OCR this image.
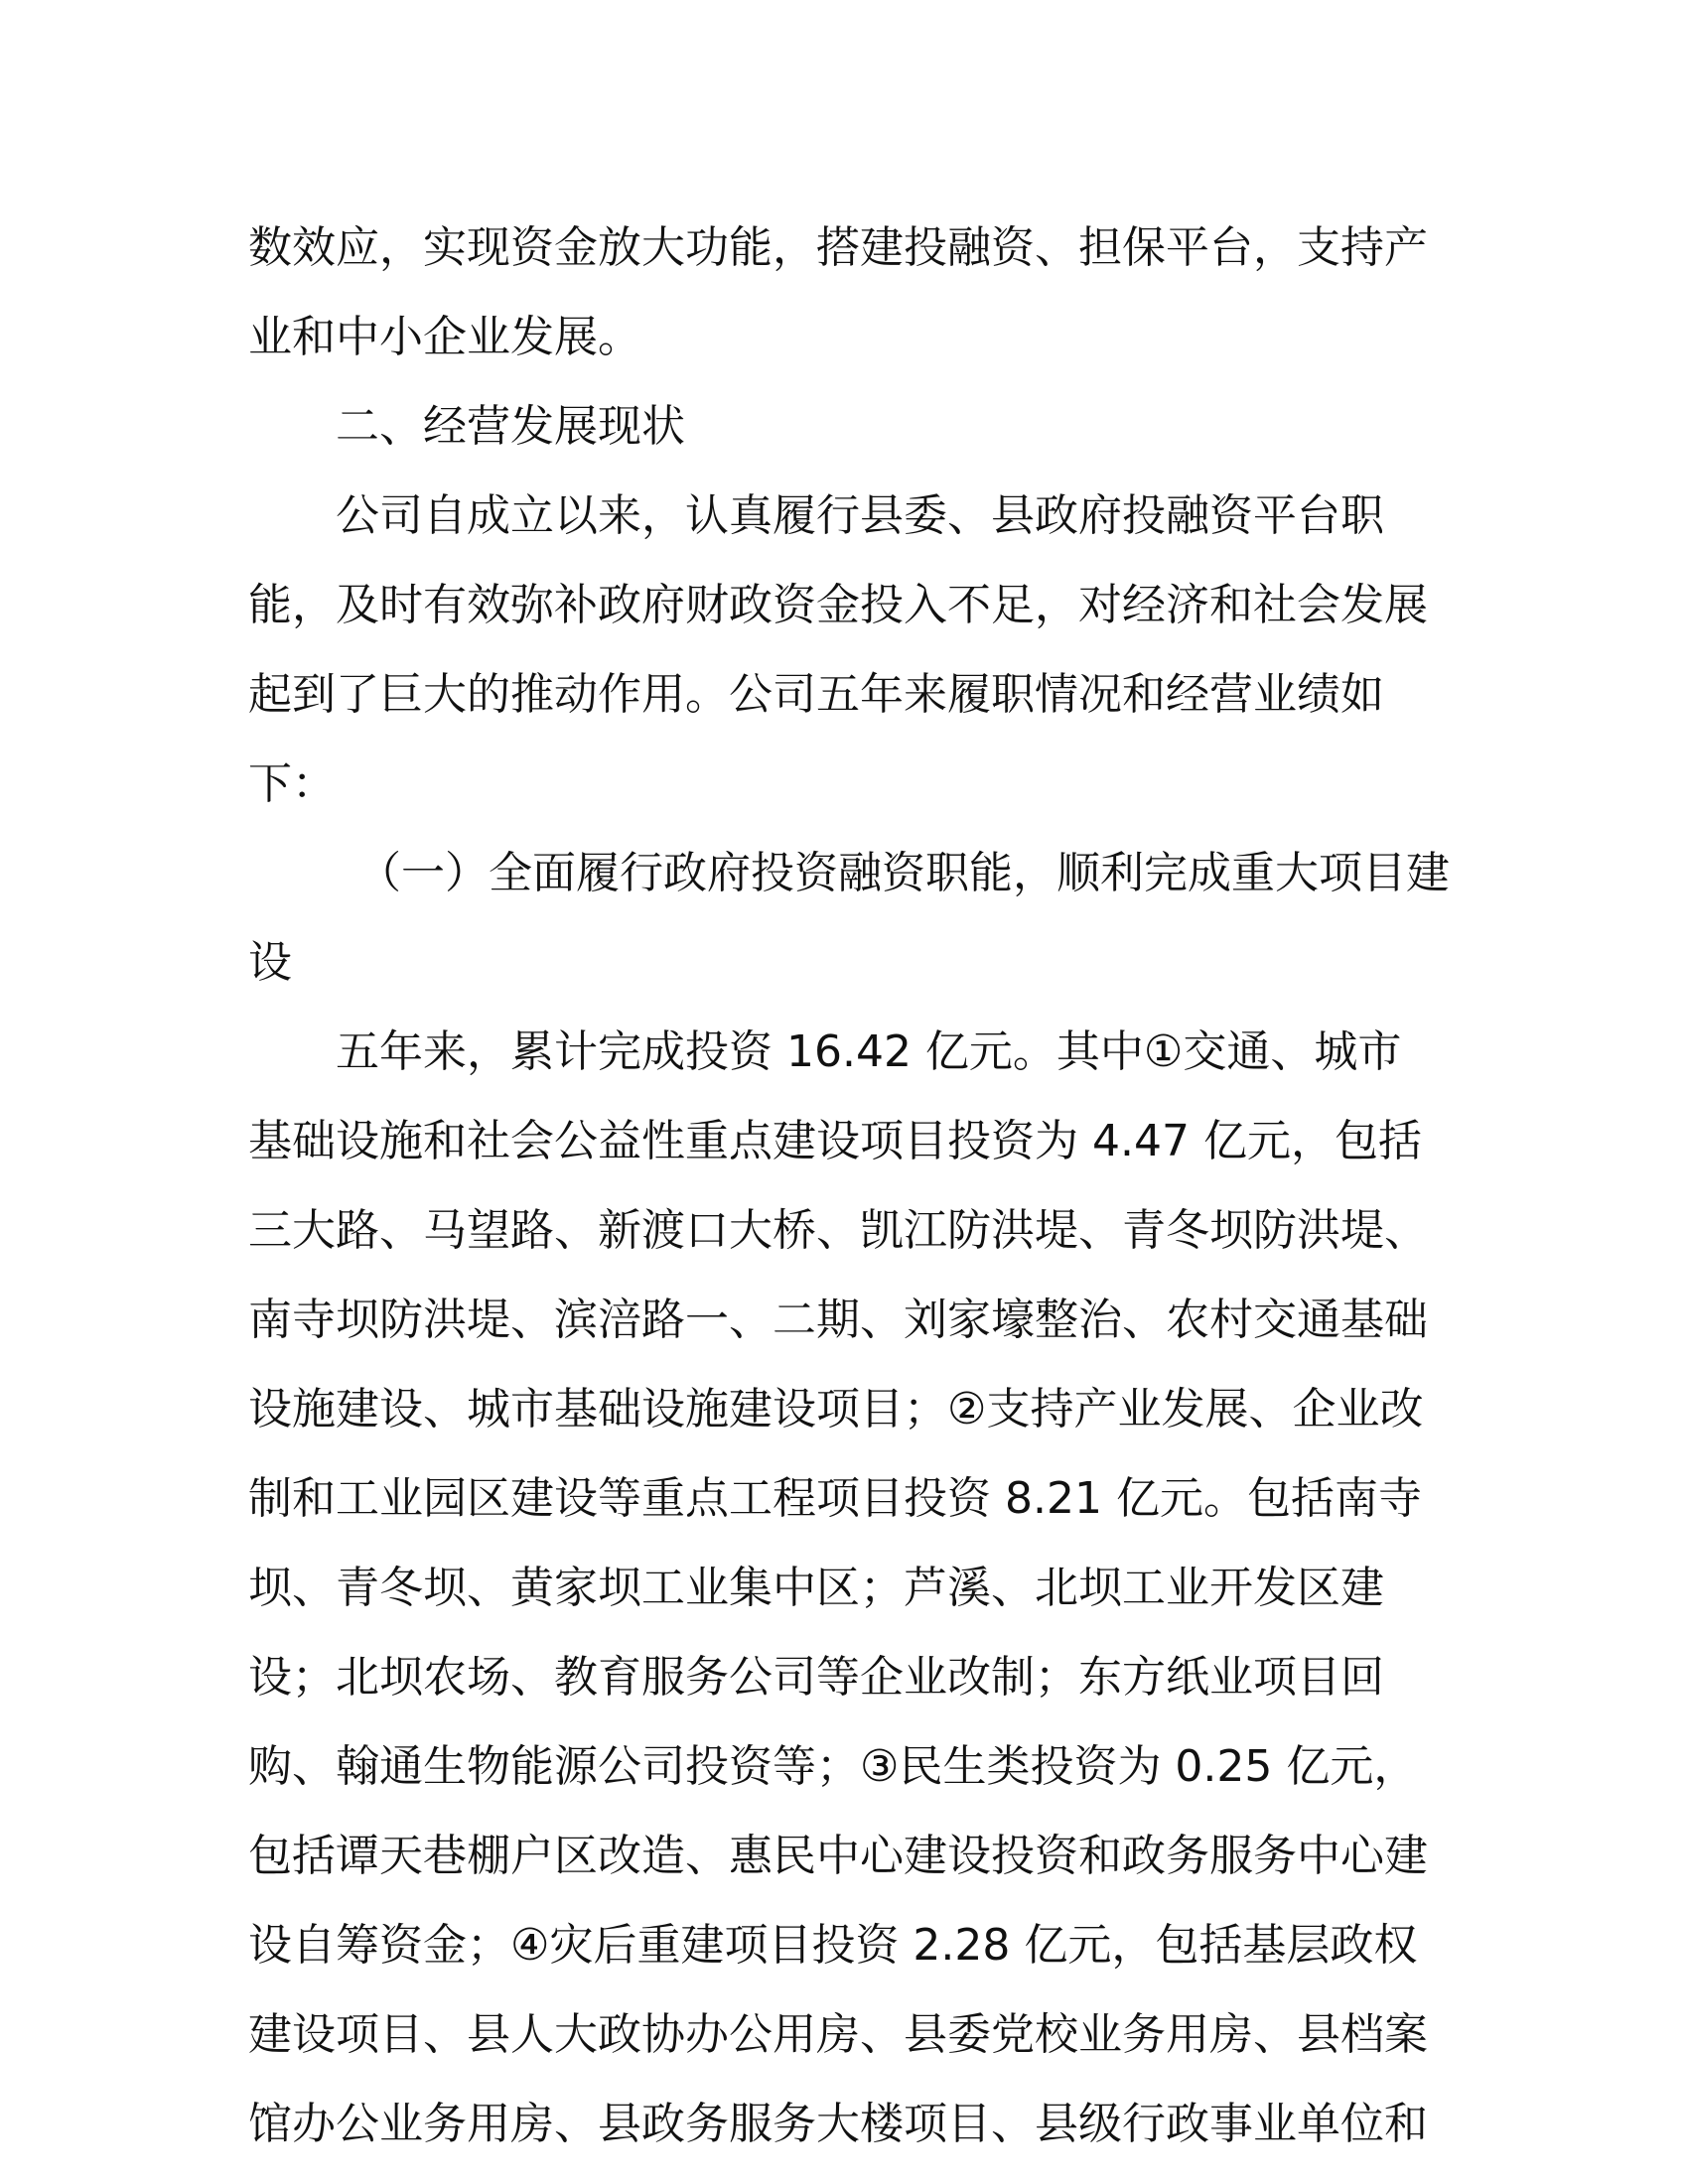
数效应，实现资金放大功能，搭建投融资、担保平台，支持产
业和中小企业发展。
二、经营发展现状
公司自成立以来，认真履行县委、县政府投融资平台职
能，及时有效弥补政府财政资金投入不足，对经济和社会发展
起到了巨大的推动作用。公司五年来履职情况和经营业绩如
下：
（一）全面履行政府投资融资职能，顺利完成重大项目建
设
五年来，累计完成投资 16.42 亿元。其中①交通、城市
基础设施和社会公益性重点建设项目投资为 4.47 亿元，包括
三大路、马望路、新渡口大桥、凯江防洪堤、青冬坝防洪堤、
南寺坝防洪堤、滨涪路一、二期、刘家壕整治、农村交通基础
设施建设、城市基础设施建设项目；②支持产业发展、企业改
制和工业园区建设等重点工程项目投资 8.21 亿元。包括南寺
坝、青冬坝、黄家坝工业集中区；芦溪、北坝工业开发区建
设；北坝农场、教育服务公司等企业改制；东方纸业项目回
购、翰通生物能源公司投资等；③民生类投资为 0.25 亿元，
包括谭天巷棚户区改造、惠民中心建设投资和政务服务中心建
设自筹资金；④灾后重建项目投资 2.28 亿元，包括基层政权
建设项目、县人大政协办公用房、县委党校业务用房、县档案
馆办公业务用房、县政务服务大楼项目、县级行政事业单位和
